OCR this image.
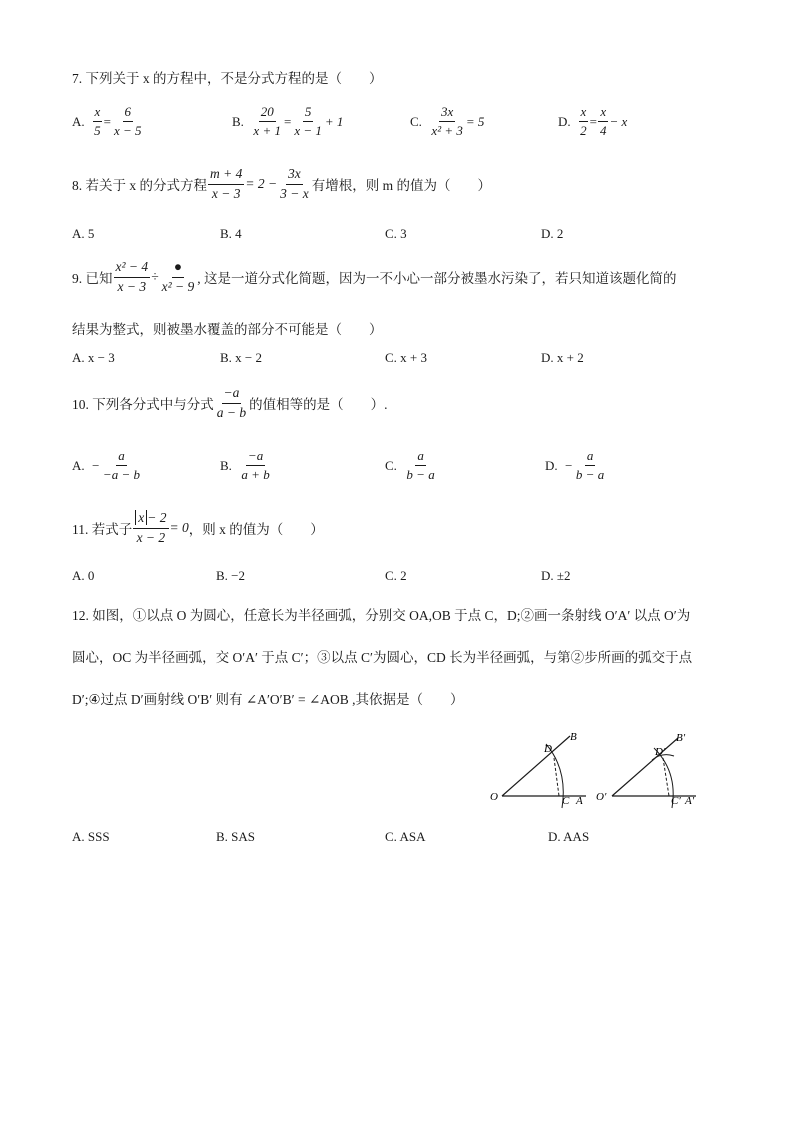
7. 下列关于 x 的方程中，不是分式方程的是（　　）
A.
$\frac{x}{5} = \frac{6}{x - 5}$	B.
$\frac{20}{x + 1} = \frac{5}{x - 1} + 1$	C.
$\frac{3x}{\text{x² + 3}} = 5$	D.
$\frac{x}{2} = \frac{x}{4} - x$
8. 若关于 x 的分式方程 $\frac{m + 4}{x - 3} = 2 - \frac{3x}{3 - x}$ 有增根，则 m 的值为（　　）
A. 5	B. 4	C. 3	D. 2
9. 已知 $\frac{\text{x² − 4}}{x - 3} \div \frac{●}{\text{x² − 9}}$ , 这是一道分式化简题，因为一不小心一部分被墨水污染了，若只知道该题化简的
结果为整式，则被墨水覆盖的部分不可能是（　　）
A. x − 3	B. x − 2	C. x + 3	D. x + 2
10. 下列各分式中与分式 $\frac{-a}{a - b}$ 的值相等的是（　　）.
A.
− $\frac{a}{-a - b}$	B.
$\frac{-a}{a + b}$	C.
$\frac{a}{b - a}$	D.
− $\frac{a}{b - a}$
11. 若式子 $\frac{x - 2}{x - 2} = 0$ ，则 x 的值为（　　）
A. 0	B. −2	C. 2	D. ±2
12. 如图，①以点 O 为圆心，任意长为半径画弧，分别交 OA,OB 于点 C，D;②画一条射线 O′A′ 以点 O′为
圆心，OC 为半径画弧，交 O′A′ 于点 C′；③以点 C′为圆心，CD 长为半径画弧，与第②步所画的弧交于点
D′;④过点 D′画射线 O′B′ 则有 ∠A′O′B′ = ∠AOB ,其依据是（　　）
O	C A
D
B
O′	C′ A′
D′
B′
A. SSS	B. SAS	C. ASA	D. AAS
